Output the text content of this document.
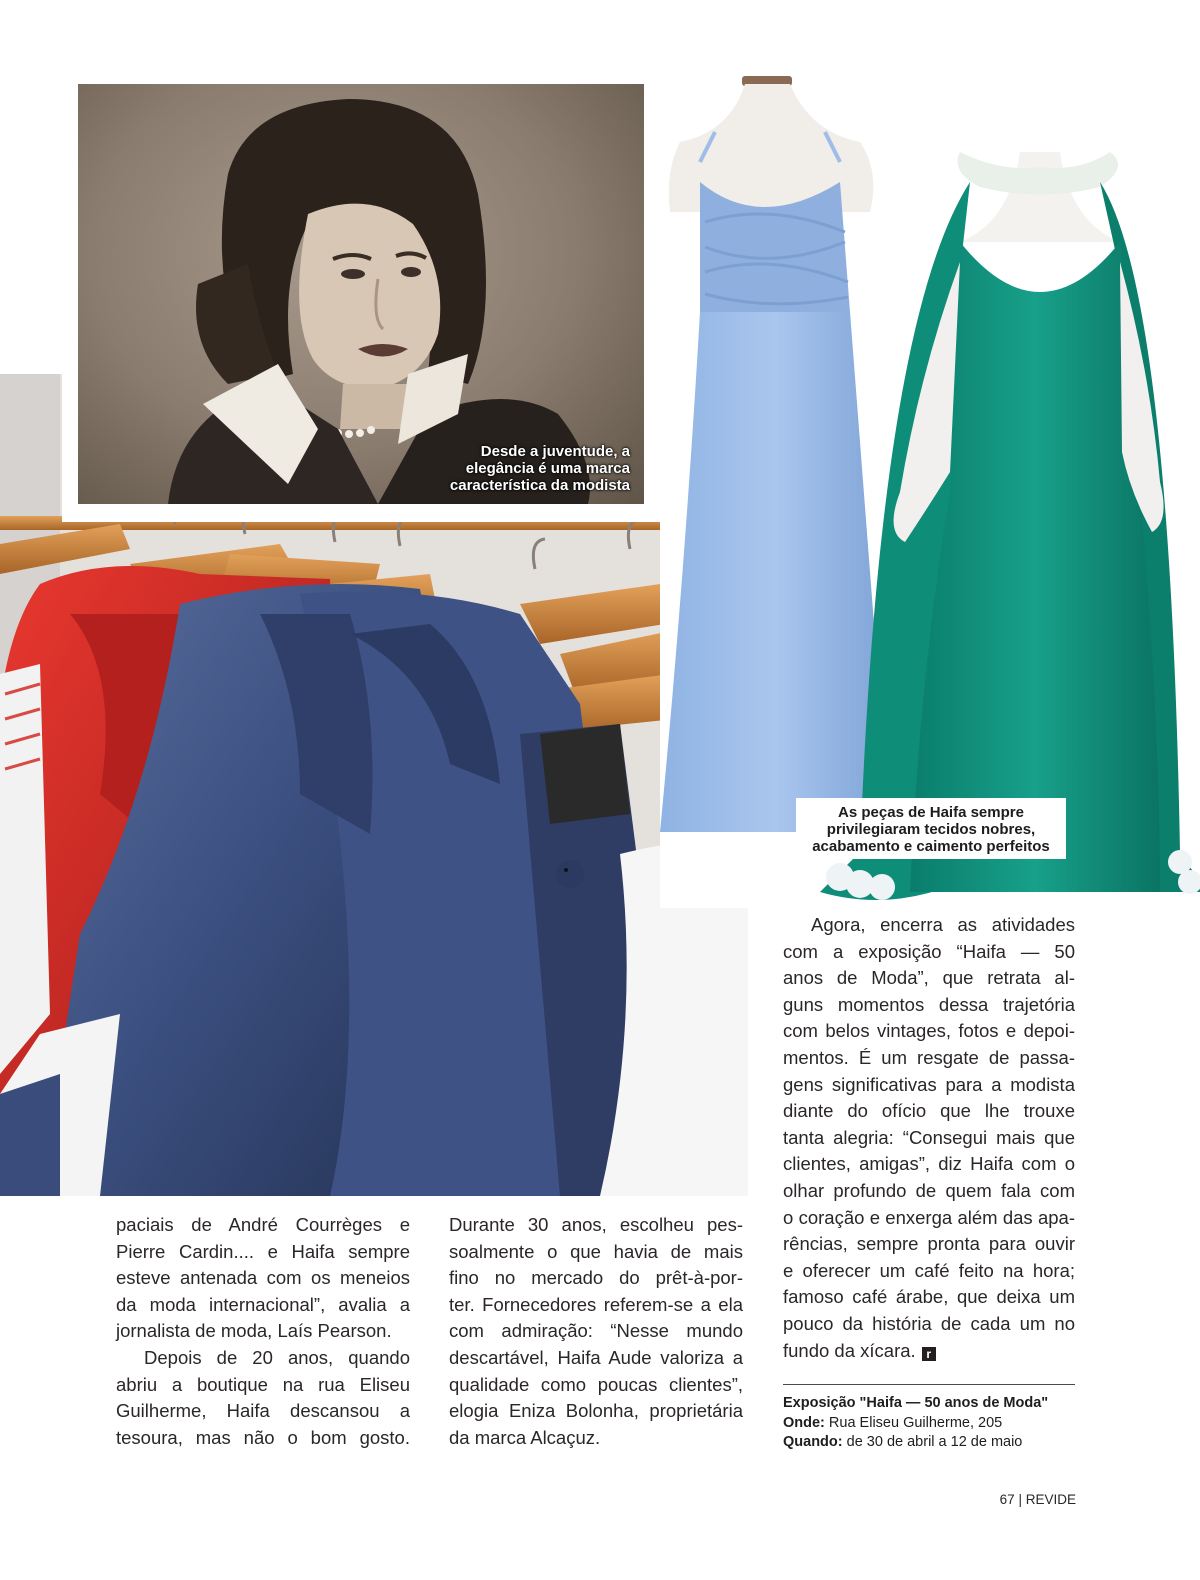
Desde a juventude, a
elegância é uma marca
característica da modista
As peças de Haifa sempre
privilegiaram tecidos nobres,
acabamento e caimento perfeitos
paciais de André Courrèges e
Pierre Cardin.... e Haifa sempre
esteve antenada com os meneios
da moda internacional”, avalia a
jornalista de moda, Laís Pearson.
Depois de 20 anos, quando
abriu a boutique na rua Eliseu
Guilherme, Haifa descansou a
tesoura, mas não o bom gosto.
Durante 30 anos, escolheu pes-
soalmente o que havia de mais
fino no mercado do prêt-à-por-
ter. Fornecedores referem-se a ela
com admiração: “Nesse mundo
descartável, Haifa Aude valoriza a
qualidade como poucas clientes”,
elogia Eniza Bolonha, proprietária
da marca Alcaçuz.
Agora, encerra as atividades
com a exposição “Haifa — 50
anos de Moda”, que retrata al-
guns momentos dessa trajetória
com belos vintages, fotos e depoi-
mentos. É um resgate de passa-
gens significativas para a modista
diante do ofício que lhe trouxe
tanta alegria: “Consegui mais que
clientes, amigas”, diz Haifa com o
olhar profundo de quem fala com
o coração e enxerga além das apa-
rências, sempre pronta para ouvir
e oferecer um café feito na hora;
famoso café árabe, que deixa um
pouco da história de cada um no
fundo da xícara. r
Exposição "Haifa — 50 anos de Moda"
Onde: Rua Eliseu Guilherme, 205
Quando: de 30 de abril a 12 de maio
67 | REVIDE
